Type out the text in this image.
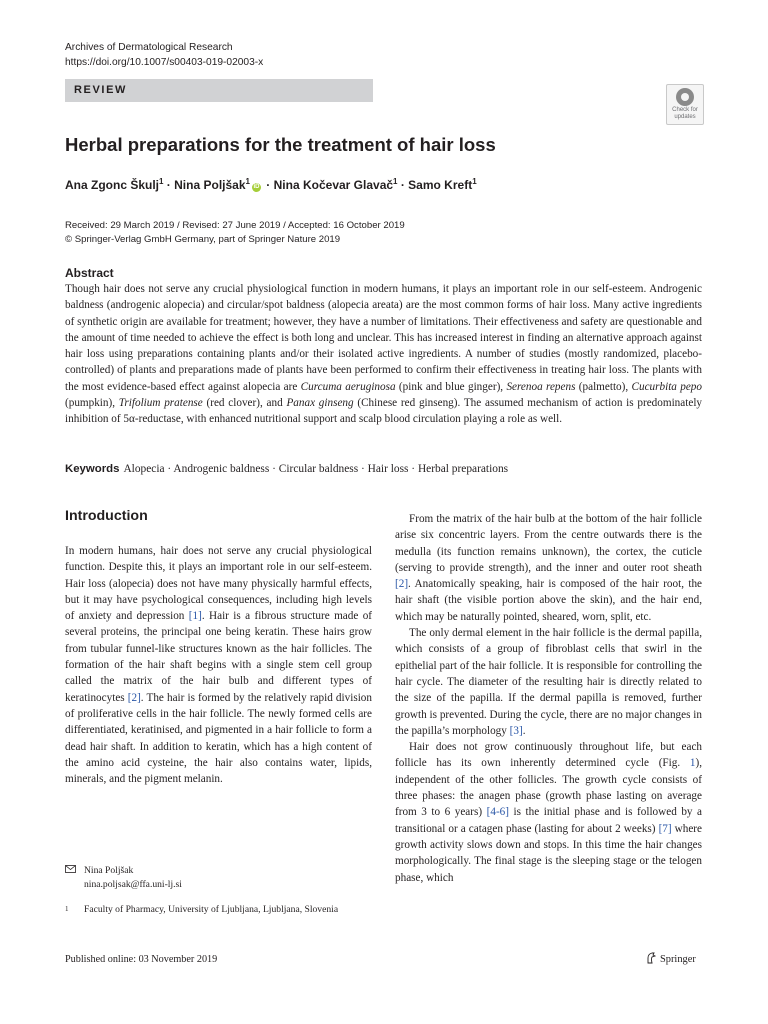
Archives of Dermatological Research
https://doi.org/10.1007/s00403-019-02003-x
REVIEW
Check for
updates
Herbal preparations for the treatment of hair loss
Ana Zgonc Škulj$^1$ · Nina Poljšak$^1$iD · Nina Kočevar Glavač$^1$ · Samo Kreft$^1$
Received: 29 March 2019 / Revised: 27 June 2019 / Accepted: 16 October 2019
© Springer-Verlag GmbH Germany, part of Springer Nature 2019
Abstract
Though hair does not serve any crucial physiological function in modern humans, it plays an important role in our self-esteem. Androgenic baldness (androgenic alopecia) and circular/spot baldness (alopecia areata) are the most common forms of hair loss. Many active ingredients of synthetic origin are available for treatment; however, they have a number of limitations. Their effectiveness and safety are questionable and the amount of time needed to achieve the effect is both long and unclear. This has increased interest in finding an alternative approach against hair loss using preparations containing plants and/or their isolated active ingredients. A number of studies (mostly randomized, placebo-controlled) of plants and preparations made of plants have been performed to confirm their effectiveness in treating hair loss. The plants with the most evidence-based effect against alopecia are Curcuma aeruginosa (pink and blue ginger), Serenoa repens (palmetto), Cucurbita pepo (pumpkin), Trifolium pratense (red clover), and Panax ginseng (Chinese red ginseng). The assumed mechanism of action is predominately inhibition of 5α-reductase, with enhanced nutritional support and scalp blood circulation playing a role as well.
Keywords Alopecia · Androgenic baldness · Circular baldness · Hair loss · Herbal preparations
Introduction

In modern humans, hair does not serve any crucial physiological function. Despite this, it plays an important role in our self-esteem. Hair loss (alopecia) does not have many physically harmful effects, but it may have psychological consequences, including high levels of anxiety and depression [1]. Hair is a fibrous structure made of several proteins, the principal one being keratin. These hairs grow from tubular funnel-like structures known as the hair follicles. The formation of the hair shaft begins with a single stem cell group called the matrix of the hair bulb and different types of keratinocytes [2]. The hair is formed by the relatively rapid division of proliferative cells in the hair follicle. The newly formed cells are differentiated, keratinised, and pigmented in a hair follicle to form a dead hair shaft. In addition to keratin, which has a high content of the amino acid cysteine, the hair also contains water, lipids, minerals, and the pigment melanin.

From the matrix of the hair bulb at the bottom of the hair follicle arise six concentric layers. From the centre outwards there is the medulla (its function remains unknown), the cortex, the cuticle (serving to provide strength), and the inner and outer root sheath [2]. Anatomically speaking, hair is composed of the hair root, the hair shaft (the visible portion above the skin), and the hair end, which may be naturally pointed, sheared, worn, split, etc.

The only dermal element in the hair follicle is the dermal papilla, which consists of a group of fibroblast cells that swirl in the epithelial part of the hair follicle. It is responsible for controlling the hair cycle. The diameter of the resulting hair is directly related to the size of the papilla. If the dermal papilla is removed, further growth is prevented. During the cycle, there are no major changes in the papilla’s morphology [3].

Hair does not grow continuously throughout life, but each follicle has its own inherently determined cycle (Fig. 1), independent of the other follicles. The growth cycle consists of three phases: the anagen phase (growth phase lasting on average from 3 to 6 years) [4-6] is the initial phase and is followed by a transitional or a catagen phase (lasting for about 2 weeks) [7] where growth activity slows down and stops. In this time the hair changes morphologically. The final stage is the sleeping stage or the telogen phase, which

Nina Poljšak
nina.poljsak@ffa.uni-lj.si
1	Faculty of Pharmacy, University of Ljubljana, Ljubljana, Slovenia
Published online: 03 November 2019	Springer
